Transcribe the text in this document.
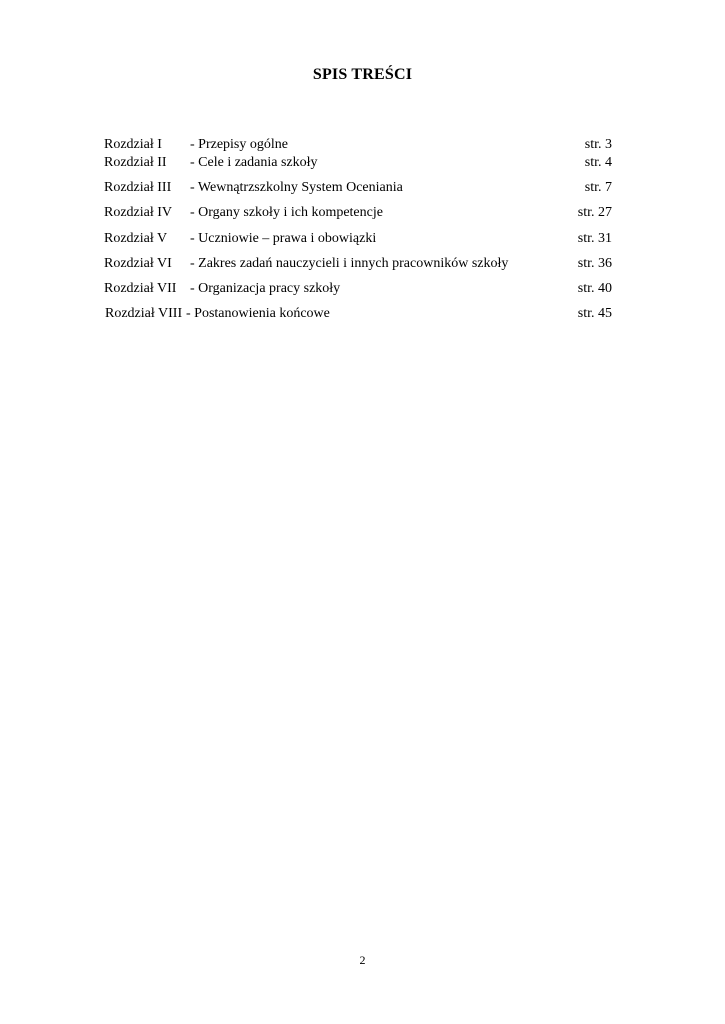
SPIS TREŚCI
Rozdział I - Przepisy ogólne	str. 3
Rozdział II - Cele i zadania szkoły	str. 4
Rozdział III - Wewnątrzszkolny System Oceniania	str. 7
Rozdział IV - Organy szkoły i ich kompetencje	str. 27
Rozdział V - Uczniowie – prawa i obowiązki	str. 31
Rozdział VI - Zakres zadań nauczycieli i innych pracowników szkoły	str. 36
Rozdział VII - Organizacja pracy szkoły	str. 40
Rozdział VIII - Postanowienia końcowe	str. 45
2
